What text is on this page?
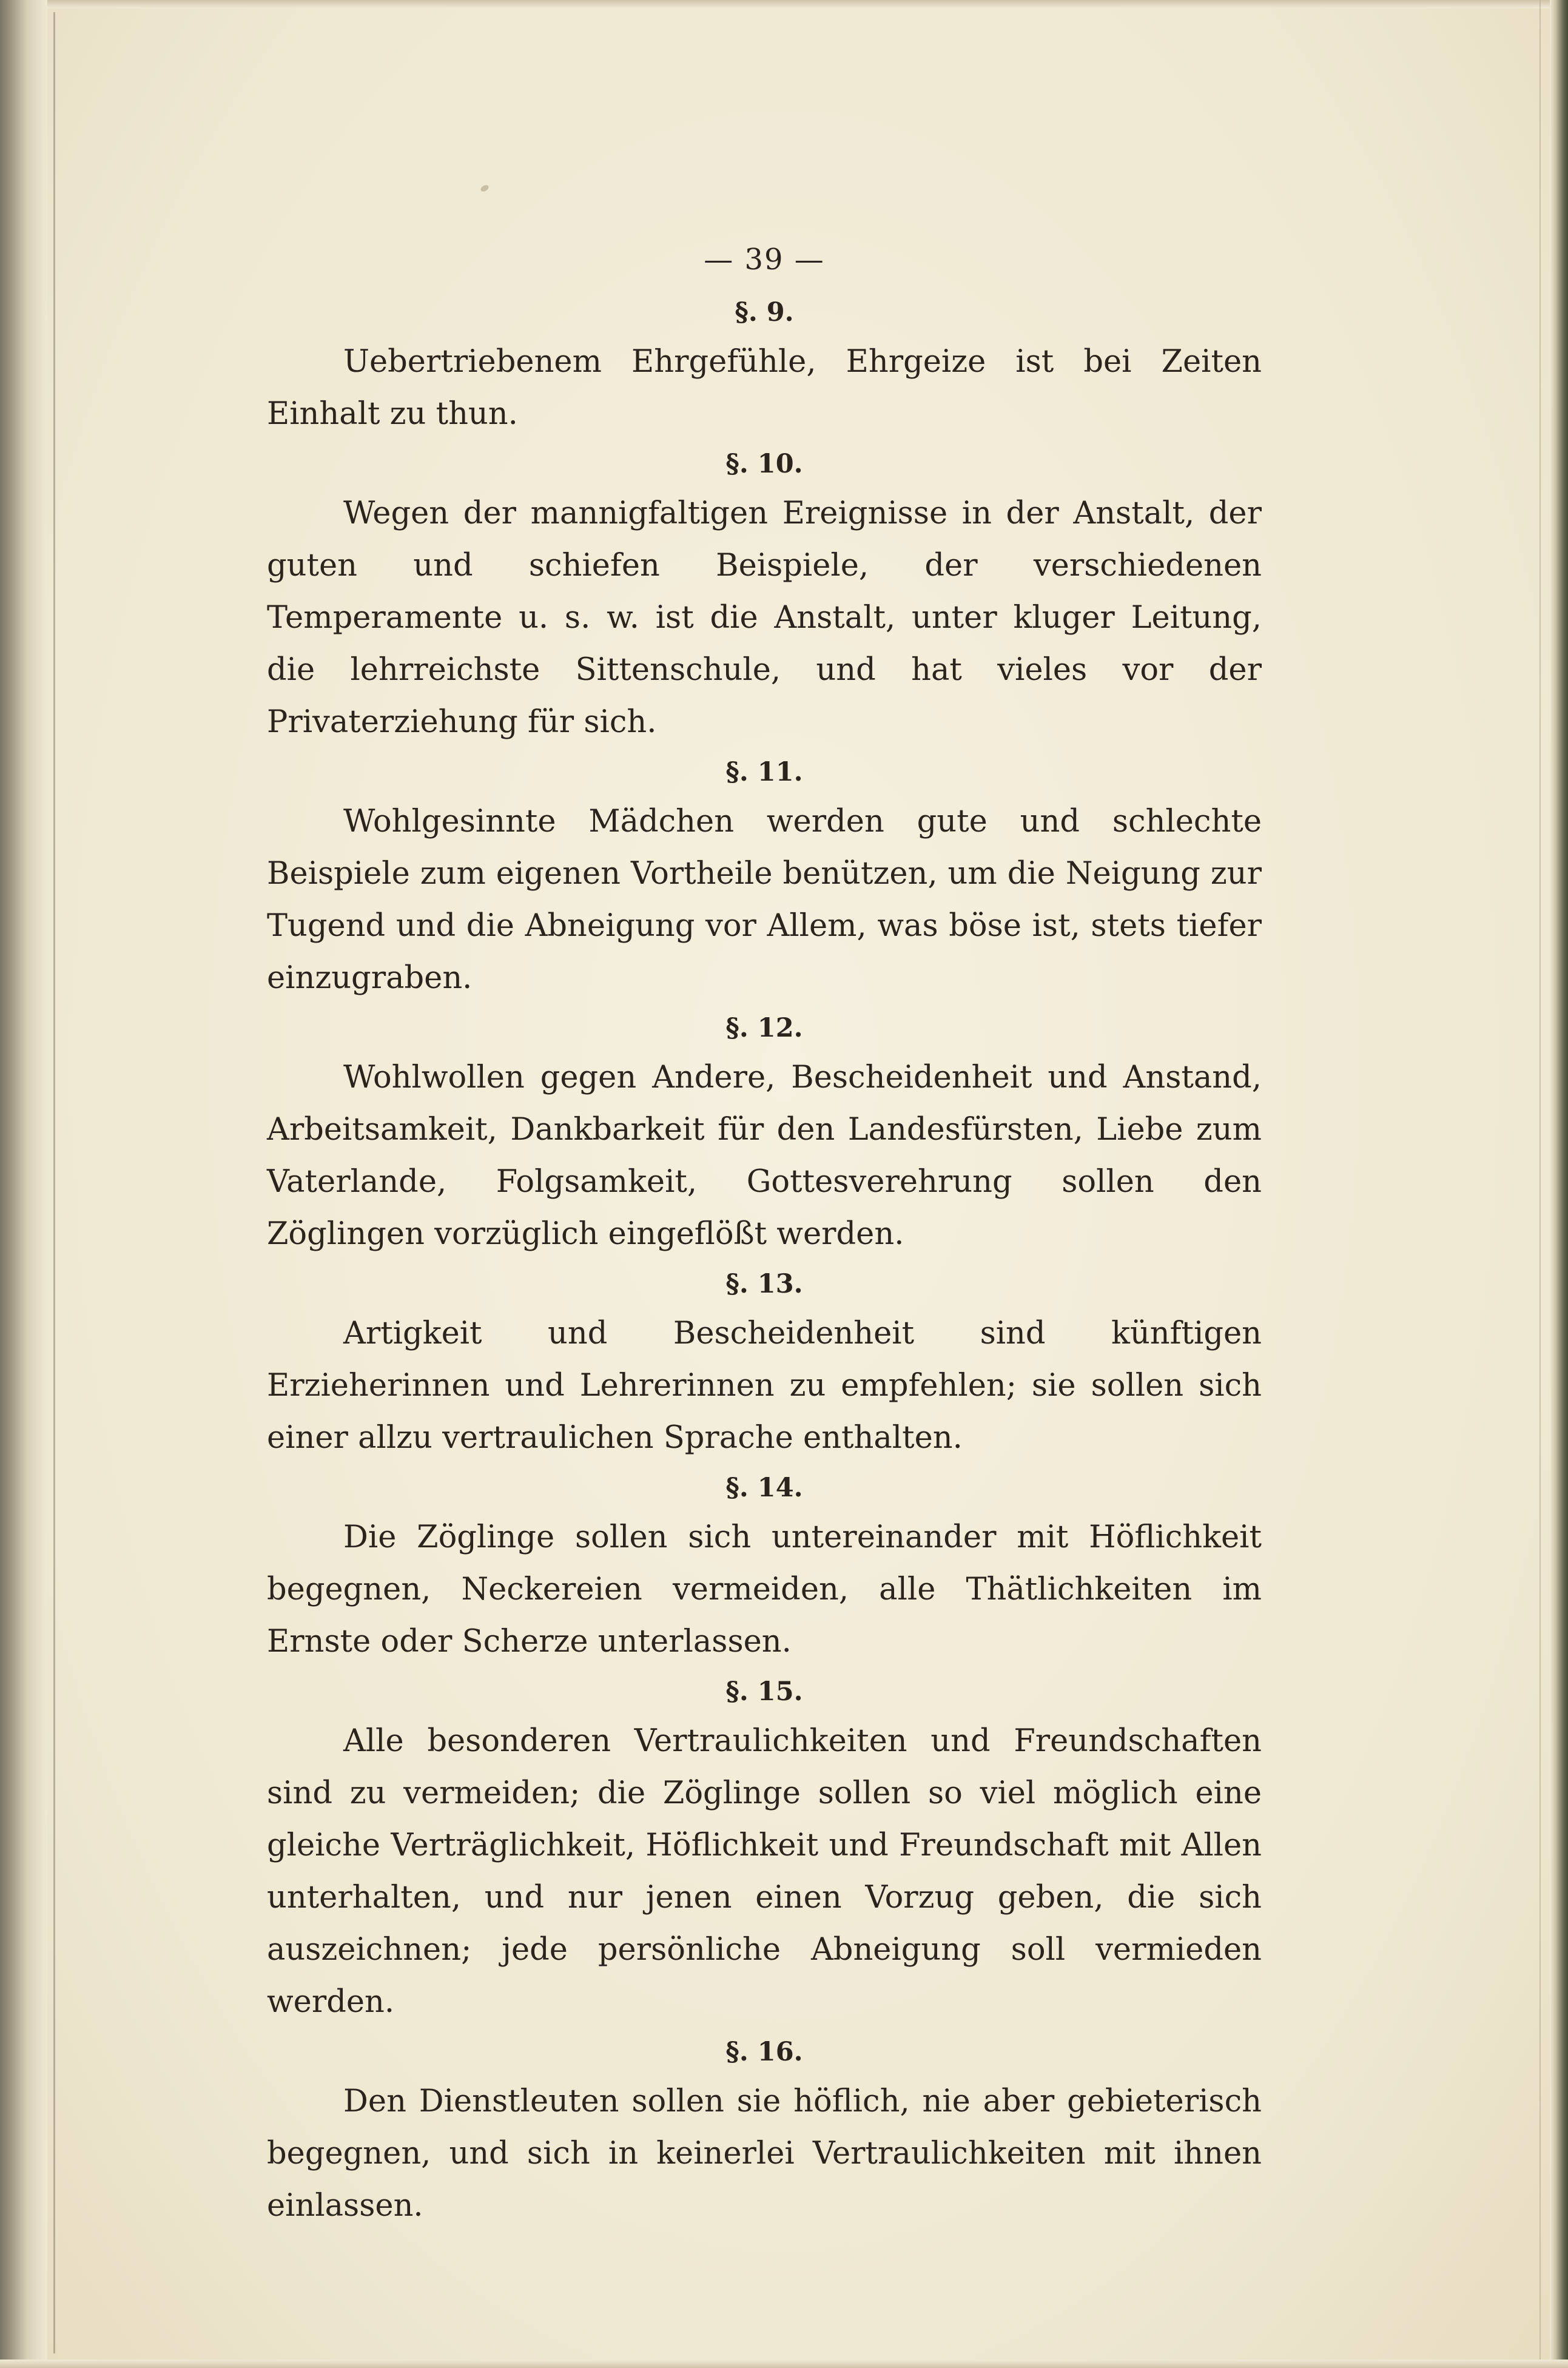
— 39 —
§. 9.

Uebertriebenem Ehrgefühle, Ehrgeize ist bei Zeiten Einhalt zu thun.

§. 10.

Wegen der mannigfaltigen Ereignisse in der Anstalt, der guten und schiefen Beispiele, der verschiedenen Temperamente u. s. w. ist die Anstalt, unter kluger Leitung, die lehrreichste Sittenschule, und hat vieles vor der Privaterziehung für sich.

§. 11.

Wohlgesinnte Mädchen werden gute und schlechte Beispiele zum eigenen Vortheile benützen, um die Neigung zur Tugend und die Abneigung vor Allem, was böse ist, stets tiefer einzugraben.

§. 12.

Wohlwollen gegen Andere, Bescheidenheit und Anstand, Arbeitsamkeit, Dankbarkeit für den Landesfürsten, Liebe zum Vaterlande, Folgsamkeit, Gottesverehrung sollen den Zöglingen vorzüglich eingeflößt werden.

§. 13.

Artigkeit und Bescheidenheit sind künftigen Erzieherinnen und Lehrerinnen zu empfehlen; sie sollen sich einer allzu vertraulichen Sprache enthalten.

§. 14.

Die Zöglinge sollen sich untereinander mit Höflichkeit begegnen, Neckereien vermeiden, alle Thätlichkeiten im Ernste oder Scherze unterlassen.

§. 15.

Alle besonderen Vertraulichkeiten und Freundschaften sind zu vermeiden; die Zöglinge sollen so viel möglich eine gleiche Verträglichkeit, Höflichkeit und Freundschaft mit Allen unterhalten, und nur jenen einen Vorzug geben, die sich auszeichnen; jede persönliche Abneigung soll vermieden werden.

§. 16.

Den Dienstleuten sollen sie höflich, nie aber gebieterisch begegnen, und sich in keinerlei Vertraulichkeiten mit ihnen einlassen.
